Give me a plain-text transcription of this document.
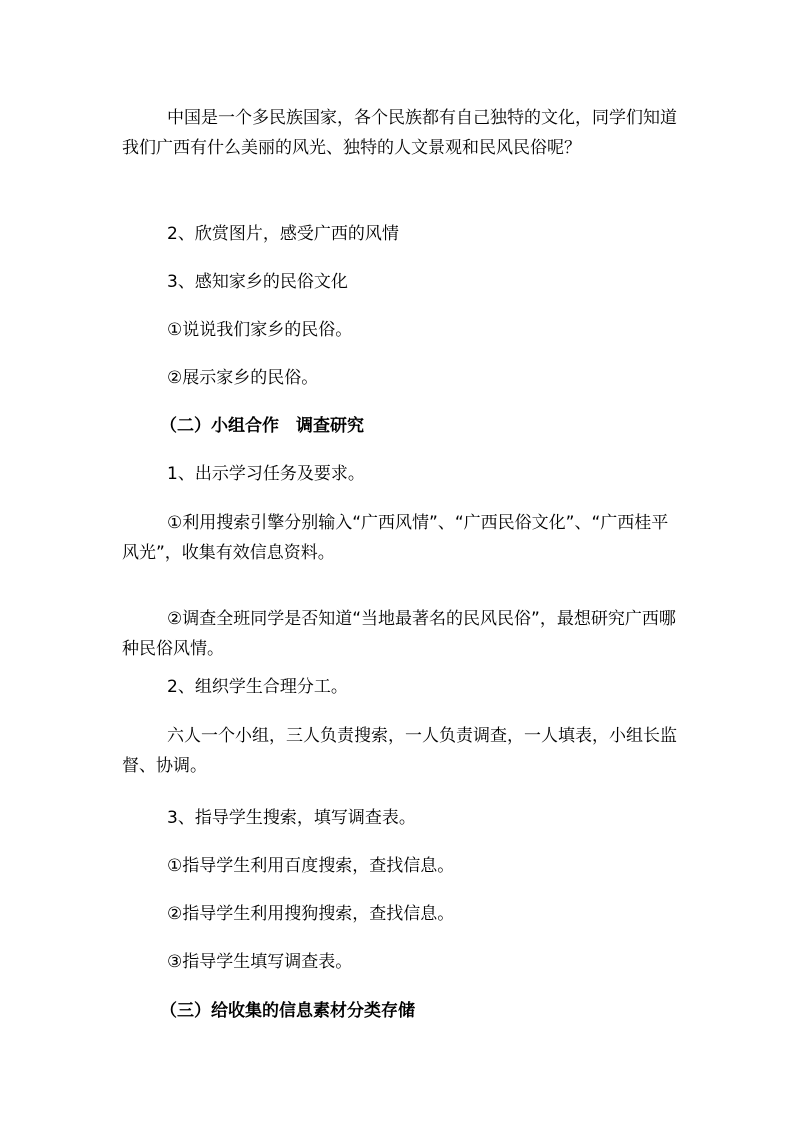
中国是一个多民族国家，各个民族都有自己独特的文化，同学们知道我们广西有什么美丽的风光、独特的人文景观和民风民俗呢？

2、欣赏图片，感受广西的风情

3、感知家乡的民俗文化

①说说我们家乡的民俗。

②展示家乡的民俗。

（二）小组合作　调查研究

1、出示学习任务及要求。

①利用搜索引擎分别输入“广西风情”、“广西民俗文化”、“广西桂平风光”，收集有效信息资料。

②调查全班同学是否知道“当地最著名的民风民俗”，最想研究广西哪种民俗风情。

2、组织学生合理分工。

六人一个小组，三人负责搜索，一人负责调查，一人填表，小组长监督、协调。

3、指导学生搜索，填写调查表。

①指导学生利用百度搜索，查找信息。

②指导学生利用搜狗搜索，查找信息。

③指导学生填写调查表。

（三）给收集的信息素材分类存储
